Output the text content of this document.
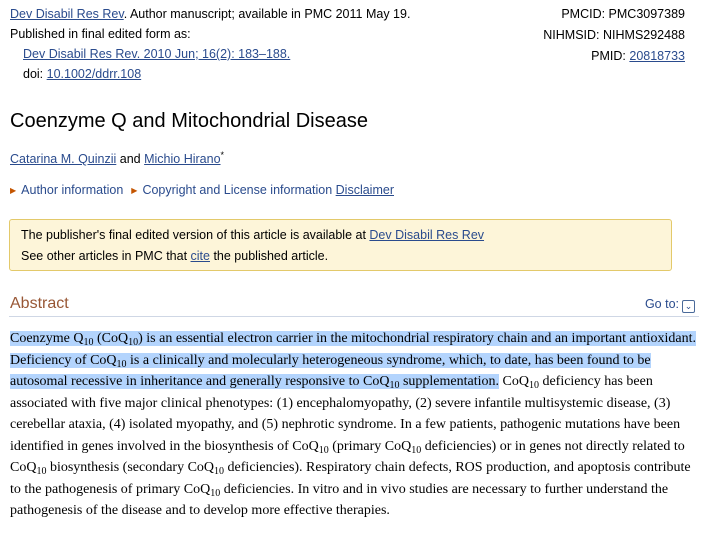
Dev Disabil Res Rev. Author manuscript; available in PMC 2011 May 19.
Published in final edited form as:
Dev Disabil Res Rev. 2010 Jun; 16(2): 183–188.
doi: 10.1002/ddrr.108
PMCID: PMC3097389
NIHMSID: NIHMS292488
PMID: 20818733
Coenzyme Q and Mitochondrial Disease
Catarina M. Quinzii and Michio Hirano*
▶ Author information ▶ Copyright and License information Disclaimer
The publisher's final edited version of this article is available at Dev Disabil Res Rev
See other articles in PMC that cite the published article.
Abstract	Go to: ⌄
Coenzyme $Q_{10}$ (CoQ$_{10}$) is an essential electron carrier in the mitochondrial respiratory chain and an important antioxidant. Deficiency of CoQ$_{10}$ is a clinically and molecularly heterogeneous syndrome, which, to date, has been found to be autosomal recessive in inheritance and generally responsive to CoQ$_{10}$ supplementation. CoQ$_{10}$ deficiency has been associated with five major clinical phenotypes: (1) encephalomyopathy, (2) severe infantile multisystemic disease, (3) cerebellar ataxia, (4) isolated myopathy, and (5) nephrotic syndrome. In a few patients, pathogenic mutations have been identified in genes involved in the biosynthesis of CoQ$_{10}$ (primary CoQ$_{10}$ deficiencies) or in genes not directly related to CoQ$_{10}$ biosynthesis (secondary CoQ$_{10}$ deficiencies). Respiratory chain defects, ROS production, and apoptosis contribute to the pathogenesis of primary CoQ$_{10}$ deficiencies. In vitro and in vivo studies are necessary to further understand the pathogenesis of the disease and to develop more effective therapies.
